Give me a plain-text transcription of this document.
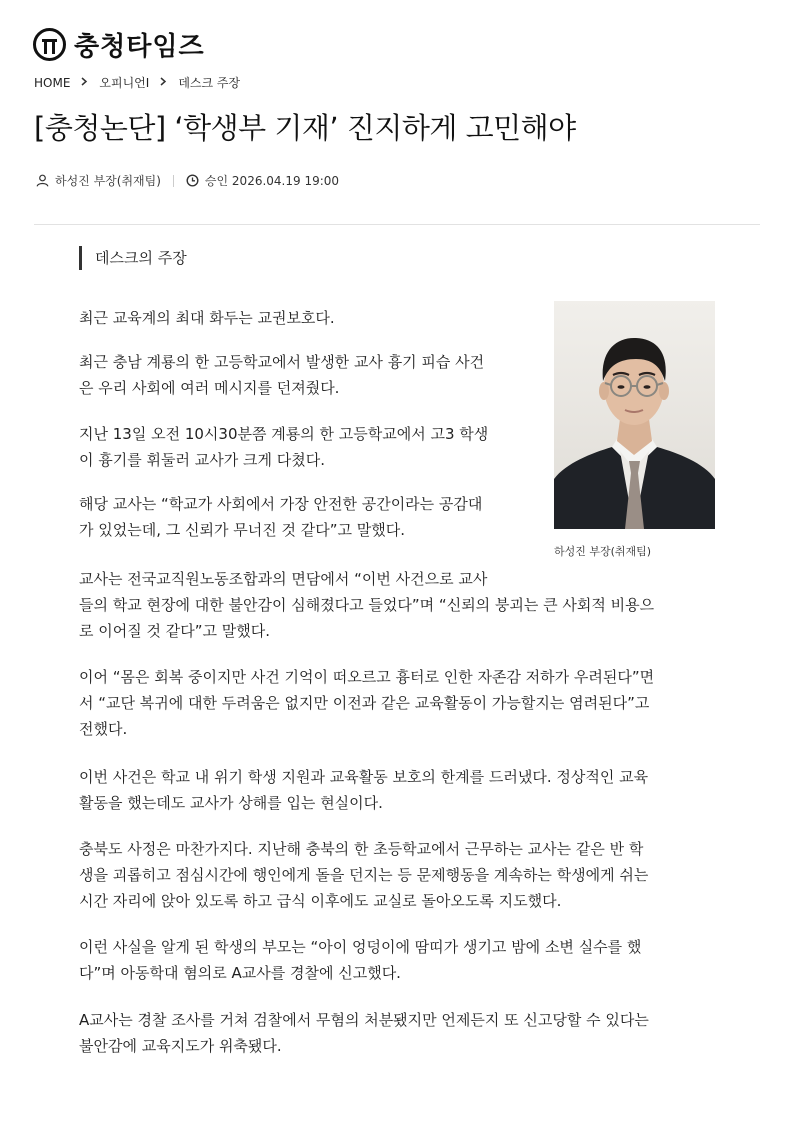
충청타임즈
HOME 오피니언Ⅰ 데스크 주장
[충청논단] ‘학생부 기재’ 진지하게 고민해야
하성진 부장(취재팀)	승인 2026.04.19 19:00
데스크의 주장
하성진 부장(취재팀)
최근 교육계의 최대 화두는 교권보호다.
최근 충남 계룡의 한 고등학교에서 발생한 교사 흉기 피습 사건
은 우리 사회에 여러 메시지를 던져줬다.
지난 13일 오전 10시30분쯤 계룡의 한 고등학교에서 고3 학생
이 흉기를 휘둘러 교사가 크게 다쳤다.
해당 교사는 “학교가 사회에서 가장 안전한 공간이라는 공감대
가 있었는데, 그 신뢰가 무너진 것 같다”고 말했다.
교사는 전국교직원노동조합과의 면담에서 “이번 사건으로 교사
들의 학교 현장에 대한 불안감이 심해졌다고 들었다”며 “신뢰의 붕괴는 큰 사회적 비용으
로 이어질 것 같다”고 말했다.
이어 “몸은 회복 중이지만 사건 기억이 떠오르고 흉터로 인한 자존감 저하가 우려된다”면
서 “교단 복귀에 대한 두려움은 없지만 이전과 같은 교육활동이 가능할지는 염려된다”고
전했다.
이번 사건은 학교 내 위기 학생 지원과 교육활동 보호의 한계를 드러냈다. 정상적인 교육
활동을 했는데도 교사가 상해를 입는 현실이다.
충북도 사정은 마찬가지다. 지난해 충북의 한 초등학교에서 근무하는 교사는 같은 반 학
생을 괴롭히고 점심시간에 행인에게 돌을 던지는 등 문제행동을 계속하는 학생에게 쉬는
시간 자리에 앉아 있도록 하고 급식 이후에도 교실로 돌아오도록 지도했다.
이런 사실을 알게 된 학생의 부모는 “아이 엉덩이에 땀띠가 생기고 밤에 소변 실수를 했
다”며 아동학대 혐의로 A교사를 경찰에 신고했다.
A교사는 경찰 조사를 거쳐 검찰에서 무혐의 처분됐지만 언제든지 또 신고당할 수 있다는
불안감에 교육지도가 위축됐다.
